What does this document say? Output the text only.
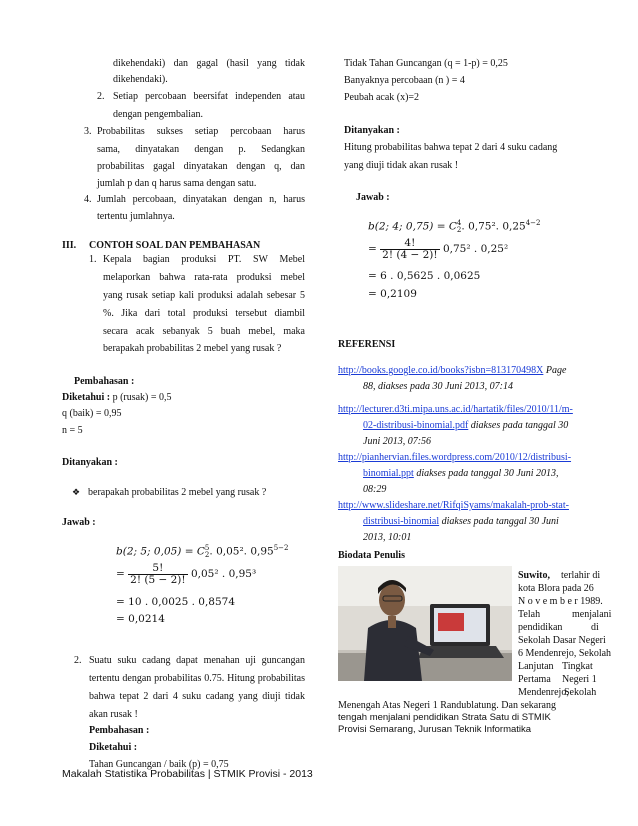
dikehendaki) dan gagal (hasil yang tidak
dikehendaki).
2. Setiap percobaan beersifat independen atau
dengan pengembalian.
3. Probabilitas sukses setiap percobaan harus
sama, dinyatakan dengan p. Sedangkan
probabilitas gagal dinyatakan dengan q, dan
jumlah p dan q harus sama dengan satu.
4. Jumlah percobaan, dinyatakan dengan n, harus
tertentu jumlahnya.
III. CONTOH SOAL DAN PEMBAHASAN
1. Kepala bagian produksi PT. SW Mebel
melaporkan bahwa rata-rata produksi mebel
yang rusak setiap kali produksi adalah sebesar 5
%. Jika dari total produksi tersebut diambil
secara acak sebanyak 5 buah mebel, maka
berapakah probabilitas 2 mebel yang rusak ?
Pembahasan :
Diketahui : p (rusak) = 0,5
q (baik) = 0,95
n = 5
Ditanyakan :
❖ berapakah probabilitas 2 mebel yang rusak ?
Jawab :
b(2; 5; 0,05) = C 5
2 . 0,05². $0,95^{5-2}$
= $\frac{5!}{2! (5 - 2)!} 0,05^2$ . 0,95³
= 10 . 0,0025 . 0,8574
= 0,0214
2. Suatu suku cadang dapat menahan uji guncangan
tertentu dengan probabilitas 0.75. Hitung probabilitas
bahwa tepat 2 dari 4 suku cadang yang diuji tidak
akan rusak !
Pembahasan :
Diketahui :
Tahan Guncangan / baik (p) = 0,75
Tidak Tahan Guncangan (q = 1-p) = 0,25
Banyaknya percobaan (n ) = 4
Peubah acak (x)=2
Ditanyakan :
Hitung probabilitas bahwa tepat 2 dari 4 suku cadang
yang diuji tidak akan rusak !
Jawab :
b(2; 4; 0,75) = C 4
2 . 0,75². $0,25^{4-2}$
= $\frac{4!}{2! (4 - 2)!} 0,75^2$ . 0,25²
= 6 . 0,5625 . 0,0625
= 0,2109
REFERENSI
http://books.google.co.id/books?isbn=813170498X Page
88, diakses pada 30 Juni 2013, 07:14
http://lecturer.d3ti.mipa.uns.ac.id/hartatik/files/2010/11/m-
02-distribusi-binomial.pdf diakses pada tanggal 30
Juni 2013, 07:56
http://pianhervian.files.wordpress.com/2010/12/distribusi-
binomial.ppt diakses pada tanggal 30 Juni 2013,
08:29
http://www.slideshare.net/RifqiSyams/makalah-prob-stat-
distribusi-binomial diakses pada tanggal 30 Juni
2013, 10:01
Biodata Penulis
Suwito, terlahir di
kota Blora pada 26
N o v e m b e r 1989.
Telah	menjalani
pendidikan	di
Sekolah Dasar Negeri
6 Mendenrejo, Sekolah
Lanjutan Tingkat
Pertama Negeri 1
Mendenrejo,
Sekolah
Menengah Atas Negeri 1 Randublatung. Dan sekarang
tengah menjalani pendidikan Strata Satu di STMIK
Provisi Semarang, Jurusan Teknik Informatika
Makalah Statistika Probabilitas | STMIK Provisi - 2013
